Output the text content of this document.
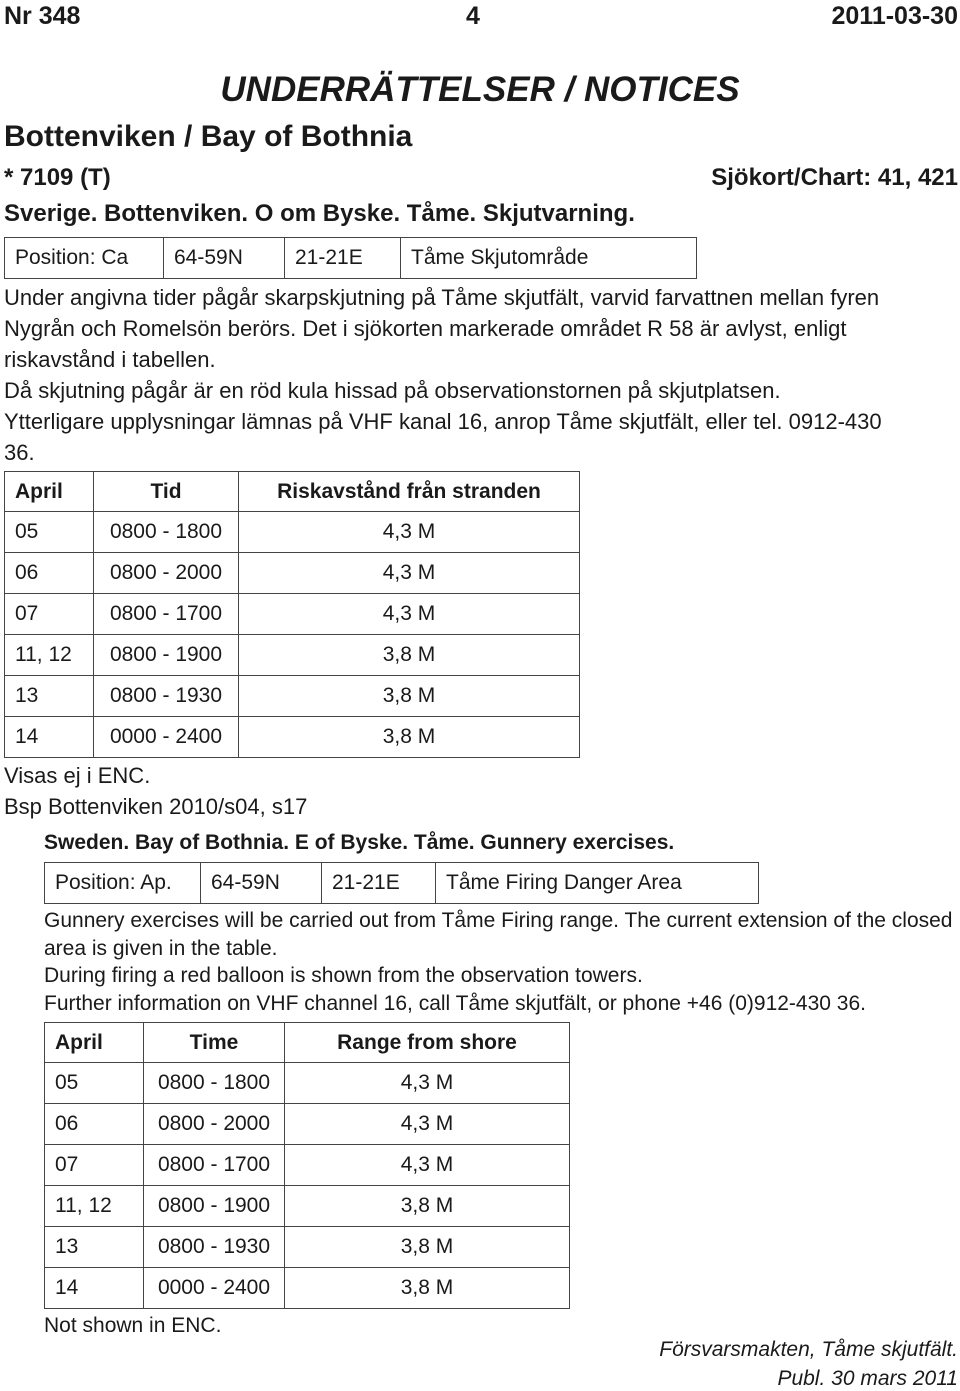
Nr 348	4	2011-03-30
UNDERRÄTTELSER / NOTICES
Bottenviken / Bay of Bothnia
* 7109 (T)	Sjökort/Chart: 41, 421
Sverige. Bottenviken. O om Byske. Tåme. Skjutvarning.
Position: Ca	64-59N	21-21E	Tåme Skjutområde

Under angivna tider pågår skarpskjutning på Tåme skjutfält, varvid farvattnen mellan fyren Nygrån och Romelsön berörs. Det i sjökorten markerade området R 58 är avlyst, enligt riskavstånd i tabellen.

Då skjutning pågår är en röd kula hissad på observationstornen på skjutplatsen.

Ytterligare upplysningar lämnas på VHF kanal 16, anrop Tåme skjutfält, eller tel. 0912-430 36.

April	Tid	Riskavstånd från stranden
05	0800 - 1800	4,3 M
06	0800 - 2000	4,3 M
07	0800 - 1700	4,3 M
11, 12	0800 - 1900	3,8 M
13	0800 - 1930	3,8 M
14	0000 - 2400	3,8 M
Visas ej i ENC.
Bsp Bottenviken 2010/s04, s17
Sweden. Bay of Bothnia. E of Byske. Tåme. Gunnery exercises.
Position: Ap.	64-59N	21-21E	Tåme Firing Danger Area

Gunnery exercises will be carried out from Tåme Firing range. The current extension of the closed area is given in the table.

During firing a red balloon is shown from the observation towers.

Further information on VHF channel 16, call Tåme skjutfält, or phone +46 (0)912-430 36.

April	Time	Range from shore
05	0800 - 1800	4,3 M
06	0800 - 2000	4,3 M
07	0800 - 1700	4,3 M
11, 12	0800 - 1900	3,8 M
13	0800 - 1930	3,8 M
14	0000 - 2400	3,8 M
Not shown in ENC.
Försvarsmakten, Tåme skjutfält.
Publ. 30 mars 2011
